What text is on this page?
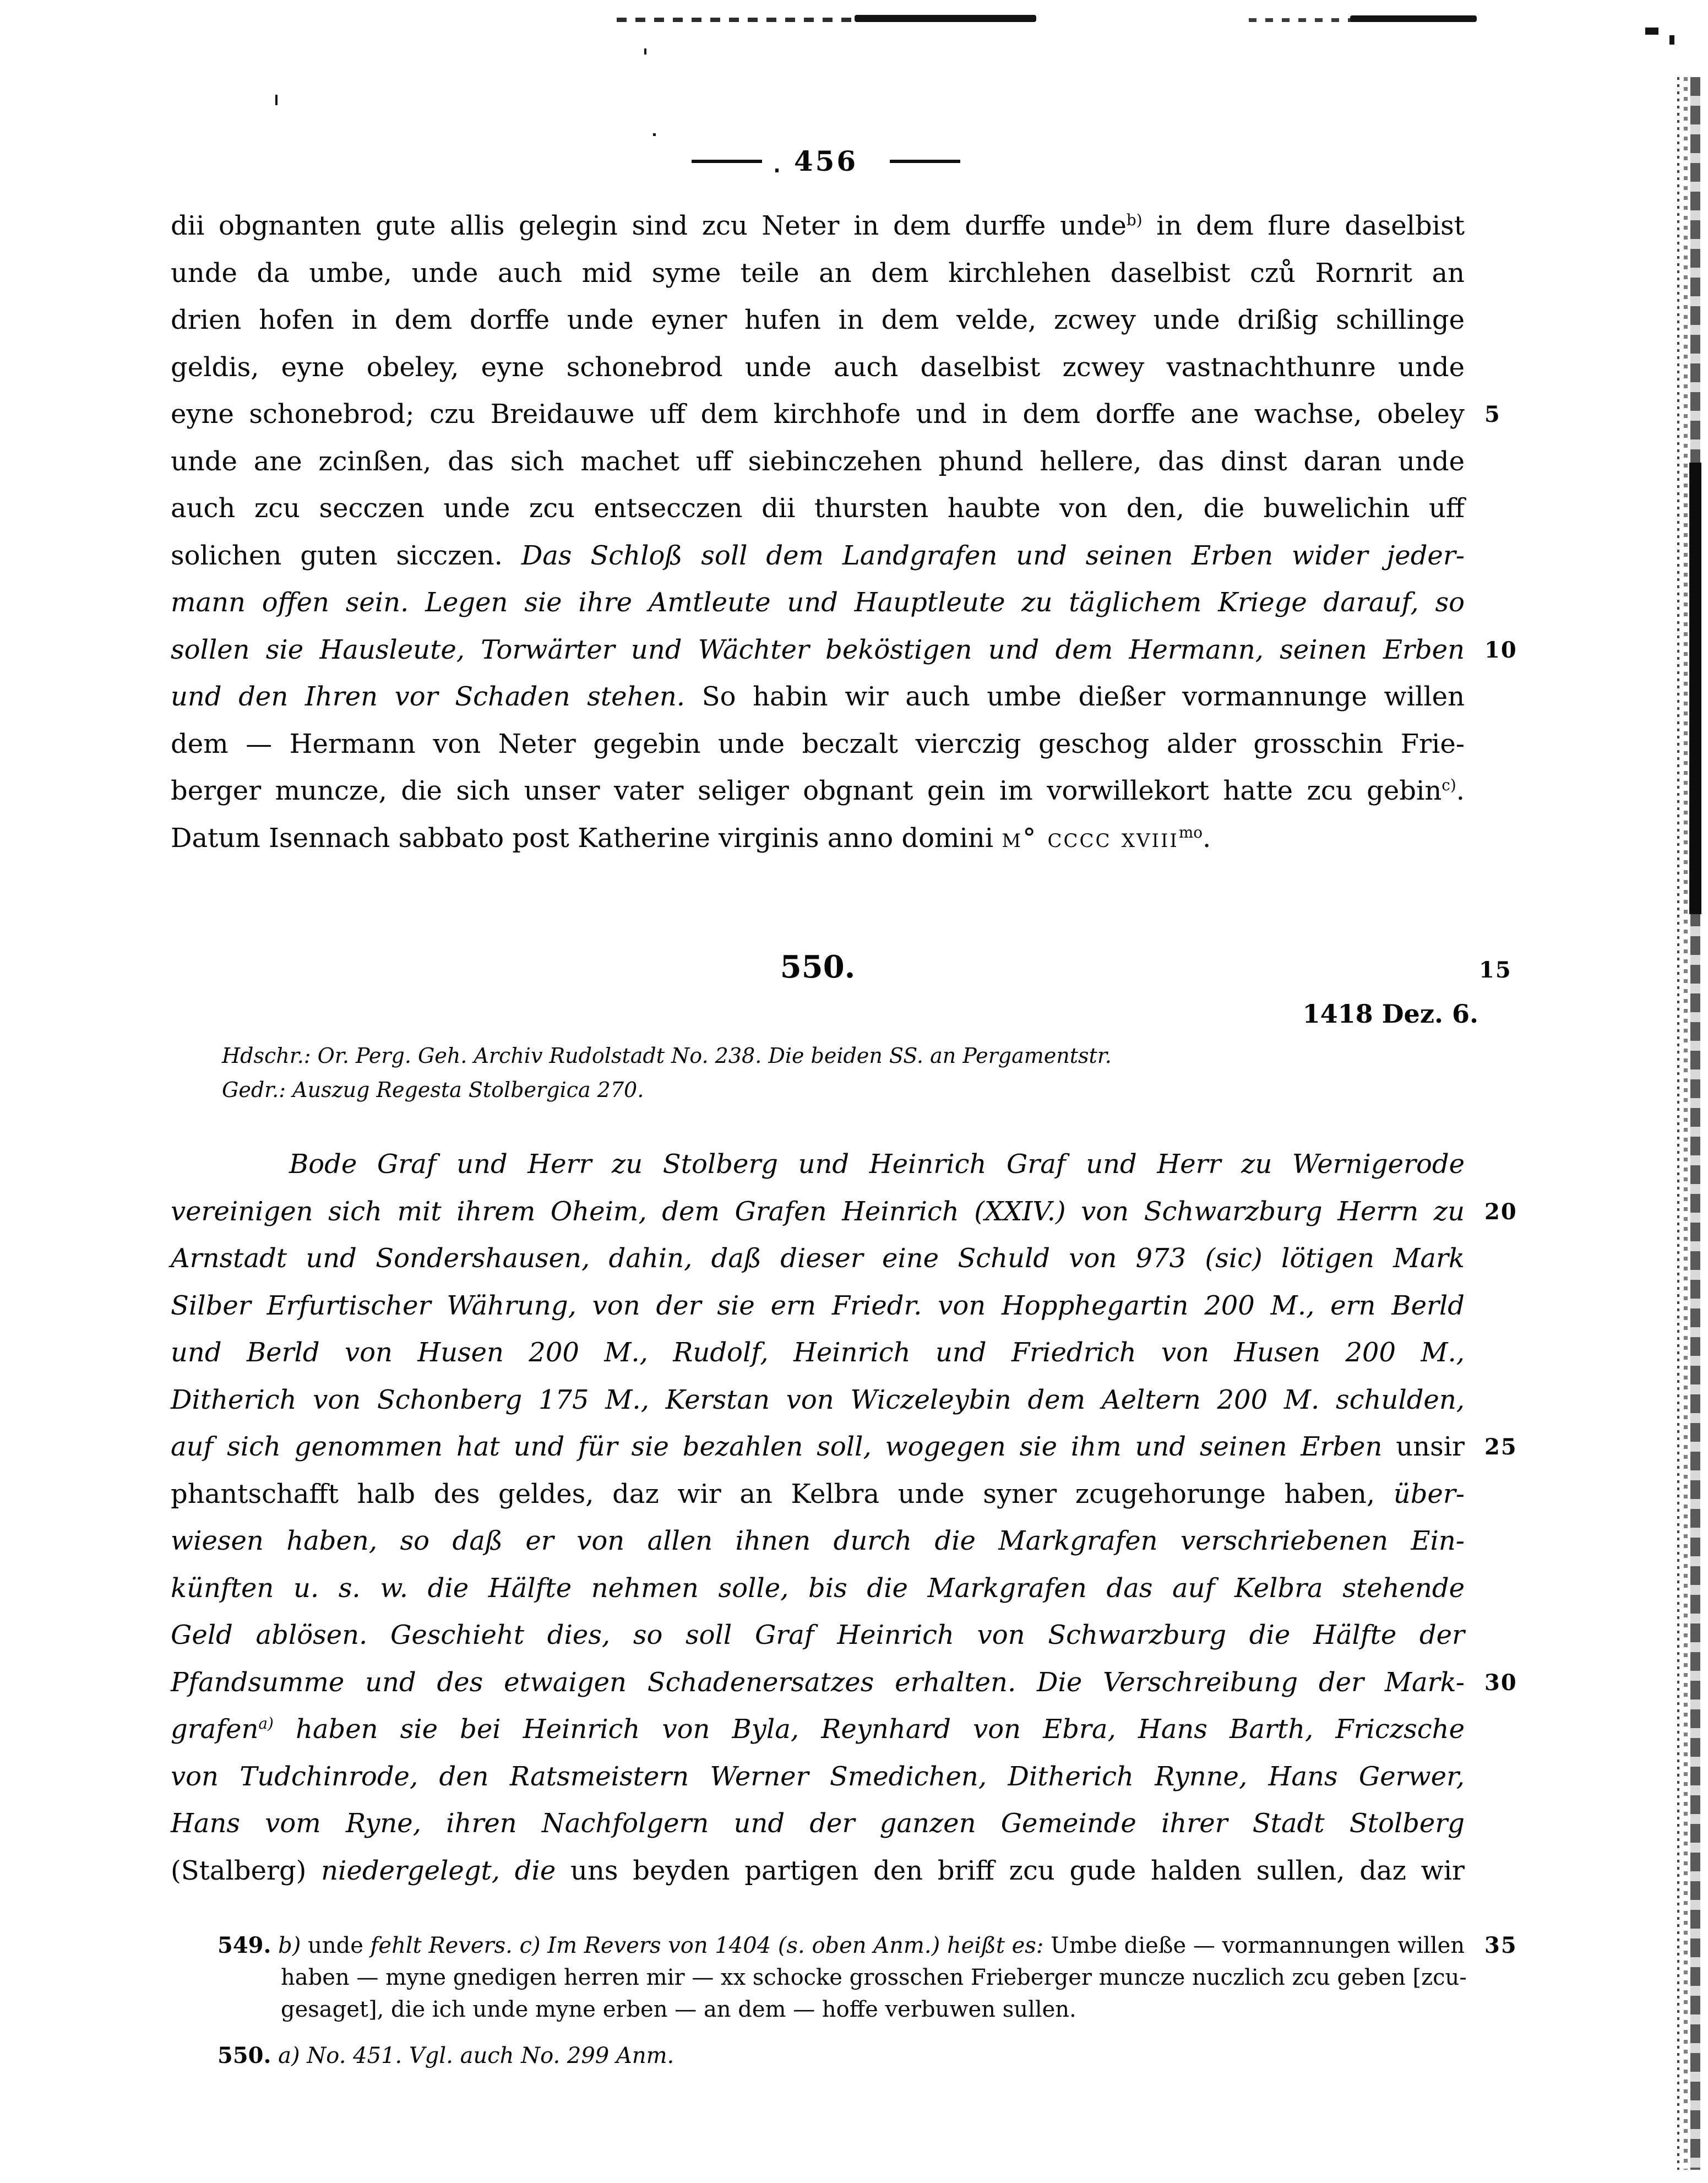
456
dii obgnanten gute allis gelegin sind zcu Neter in dem durffe unde$^{b)}$ in dem flure daselbist
unde da umbe, unde auch mid syme teile an dem kirchlehen daselbist czů Rornrit an
drien hofen in dem dorffe unde eyner hufen in dem velde, zcwey unde drißig schillinge
geldis, eyne obeley, eyne schonebrod unde auch daselbist zcwey vastnachthunre unde
eyne schonebrod; czu Breidauwe uff dem kirchhofe und in dem dorffe ane wachse, obeley 5
unde ane zcinßen, das sich machet uff siebinczehen phund hellere, das dinst daran unde
auch zcu secczen unde zcu entsecczen dii thursten haubte von den, die buwelichin uff
solichen guten sicczen. Das Schloß soll dem Landgrafen und seinen Erben wider jeder-
mann offen sein. Legen sie ihre Amtleute und Hauptleute zu täglichem Kriege darauf, so
sollen sie Hausleute, Torwärter und Wächter beköstigen und dem Hermann, seinen Erben 10
und den Ihren vor Schaden stehen. So habin wir auch umbe dießer vormannunge willen
dem — Hermann von Neter gegebin unde beczalt vierczig geschog alder grosschin Frie-
berger muncze, die sich unser vater seliger obgnant gein im vorwillekort hatte zcu gebin$^{c)}$.
Datum Isennach sabbato post Katherine virginis anno domini m° cccc xviii$^{mo}$.
550.	15
1418 Dez. 6.
Hdschr.: Or. Perg. Geh. Archiv Rudolstadt No. 238. Die beiden SS. an Pergamentstr.
Gedr.: Auszug Regesta Stolbergica 270.
Bode Graf und Herr zu Stolberg und Heinrich Graf und Herr zu Wernigerode
vereinigen sich mit ihrem Oheim, dem Grafen Heinrich (XXIV.) von Schwarzburg Herrn zu 20
Arnstadt und Sondershausen, dahin, daß dieser eine Schuld von 973 (sic) lötigen Mark
Silber Erfurtischer Währung, von der sie ern Friedr. von Hopphegartin 200 M., ern Berld
und Berld von Husen 200 M., Rudolf, Heinrich und Friedrich von Husen 200 M.,
Ditherich von Schonberg 175 M., Kerstan von Wiczeleybin dem Aeltern 200 M. schulden,
auf sich genommen hat und für sie bezahlen soll, wogegen sie ihm und seinen Erben unsir 25
phantschafft halb des geldes, daz wir an Kelbra unde syner zcugehorunge haben, über-
wiesen haben, so daß er von allen ihnen durch die Markgrafen verschriebenen Ein-
künften u. s. w. die Hälfte nehmen solle, bis die Markgrafen das auf Kelbra stehende
Geld ablösen. Geschieht dies, so soll Graf Heinrich von Schwarzburg die Hälfte der
Pfandsumme und des etwaigen Schadenersatzes erhalten. Die Verschreibung der Mark- 30
grafen$^{a)}$ haben sie bei Heinrich von Byla, Reynhard von Ebra, Hans Barth, Friczsche
von Tudchinrode, den Ratsmeistern Werner Smedichen, Ditherich Rynne, Hans Gerwer,
Hans vom Ryne, ihren Nachfolgern und der ganzen Gemeinde ihrer Stadt Stolberg
(Stalberg) niedergelegt, die uns beyden partigen den briff zcu gude halden sullen, daz wir
549. b) unde fehlt Revers. c) Im Revers von 1404 (s. oben Anm.) heißt es: Umbe dieße — vormannungen willen 35
haben — myne gnedigen herren mir — xx schocke grosschen Frieberger muncze nuczlich zcu geben [zcu-
gesaget], die ich unde myne erben — an dem — hoffe verbuwen sullen.
550. a) No. 451. Vgl. auch No. 299 Anm.
